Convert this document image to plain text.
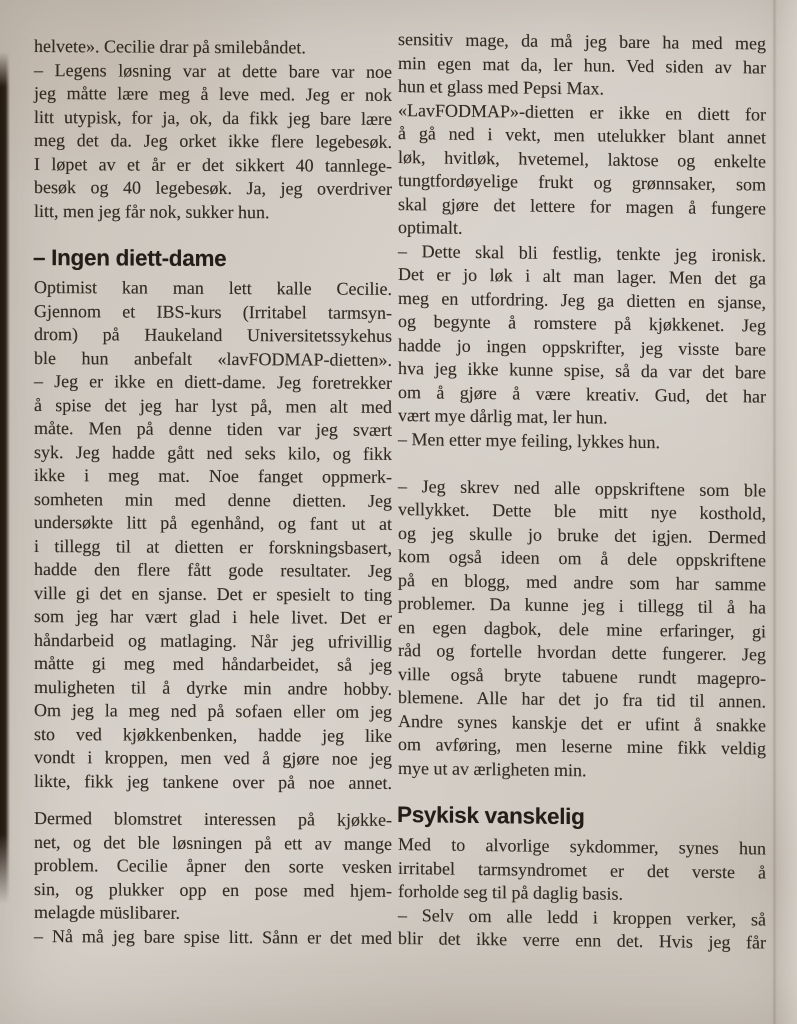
helvete». Cecilie drar på smilebåndet.
– Legens løsning var at dette bare var noe
jeg måtte lære meg å leve med. Jeg er nok
litt utypisk, for ja, ok, da fikk jeg bare lære
meg det da. Jeg orket ikke flere legebesøk.
I løpet av et år er det sikkert 40 tannlege-
besøk og 40 legebesøk. Ja, jeg overdriver
litt, men jeg får nok, sukker hun.
– Ingen diett-dame
Optimist kan man lett kalle Cecilie.
Gjennom et IBS-kurs (Irritabel tarmsyn-
drom) på Haukeland Universitetssykehus
ble hun anbefalt «lavFODMAP-dietten».
– Jeg er ikke en diett-dame. Jeg foretrekker
å spise det jeg har lyst på, men alt med
måte. Men på denne tiden var jeg svært
syk. Jeg hadde gått ned seks kilo, og fikk
ikke i meg mat. Noe fanget oppmerk-
somheten min med denne dietten. Jeg
undersøkte litt på egenhånd, og fant ut at
i tillegg til at dietten er forskningsbasert,
hadde den flere fått gode resultater. Jeg
ville gi det en sjanse. Det er spesielt to ting
som jeg har vært glad i hele livet. Det er
håndarbeid og matlaging. Når jeg ufrivillig
måtte gi meg med håndarbeidet, så jeg
muligheten til å dyrke min andre hobby.
Om jeg la meg ned på sofaen eller om jeg
sto ved kjøkkenbenken, hadde jeg like
vondt i kroppen, men ved å gjøre noe jeg
likte, fikk jeg tankene over på noe annet.
Dermed blomstret interessen på kjøkke-
net, og det ble løsningen på ett av mange
problem. Cecilie åpner den sorte vesken
sin, og plukker opp en pose med hjem-
melagde müslibarer.
– Nå må jeg bare spise litt. Sånn er det med
sensitiv mage, da må jeg bare ha med meg
min egen mat da, ler hun. Ved siden av har
hun et glass med Pepsi Max.
«LavFODMAP»-dietten er ikke en diett for
å gå ned i vekt, men utelukker blant annet
løk, hvitløk, hvetemel, laktose og enkelte
tungtfordøyelige frukt og grønnsaker, som
skal gjøre det lettere for magen å fungere
optimalt.
– Dette skal bli festlig, tenkte jeg ironisk.
Det er jo løk i alt man lager. Men det ga
meg en utfordring. Jeg ga dietten en sjanse,
og begynte å romstere på kjøkkenet. Jeg
hadde jo ingen oppskrifter, jeg visste bare
hva jeg ikke kunne spise, så da var det bare
om å gjøre å være kreativ. Gud, det har
vært mye dårlig mat, ler hun.
– Men etter mye feiling, lykkes hun.
– Jeg skrev ned alle oppskriftene som ble
vellykket. Dette ble mitt nye kosthold,
og jeg skulle jo bruke det igjen. Dermed
kom også ideen om å dele oppskriftene
på en blogg, med andre som har samme
problemer. Da kunne jeg i tillegg til å ha
en egen dagbok, dele mine erfaringer, gi
råd og fortelle hvordan dette fungerer. Jeg
ville også bryte tabuene rundt magepro-
blemene. Alle har det jo fra tid til annen.
Andre synes kanskje det er ufint å snakke
om avføring, men leserne mine fikk veldig
mye ut av ærligheten min.
Psykisk vanskelig
Med to alvorlige sykdommer, synes hun
irritabel tarmsyndromet er det verste å
forholde seg til på daglig basis.
– Selv om alle ledd i kroppen verker, så
blir det ikke verre enn det. Hvis jeg får
